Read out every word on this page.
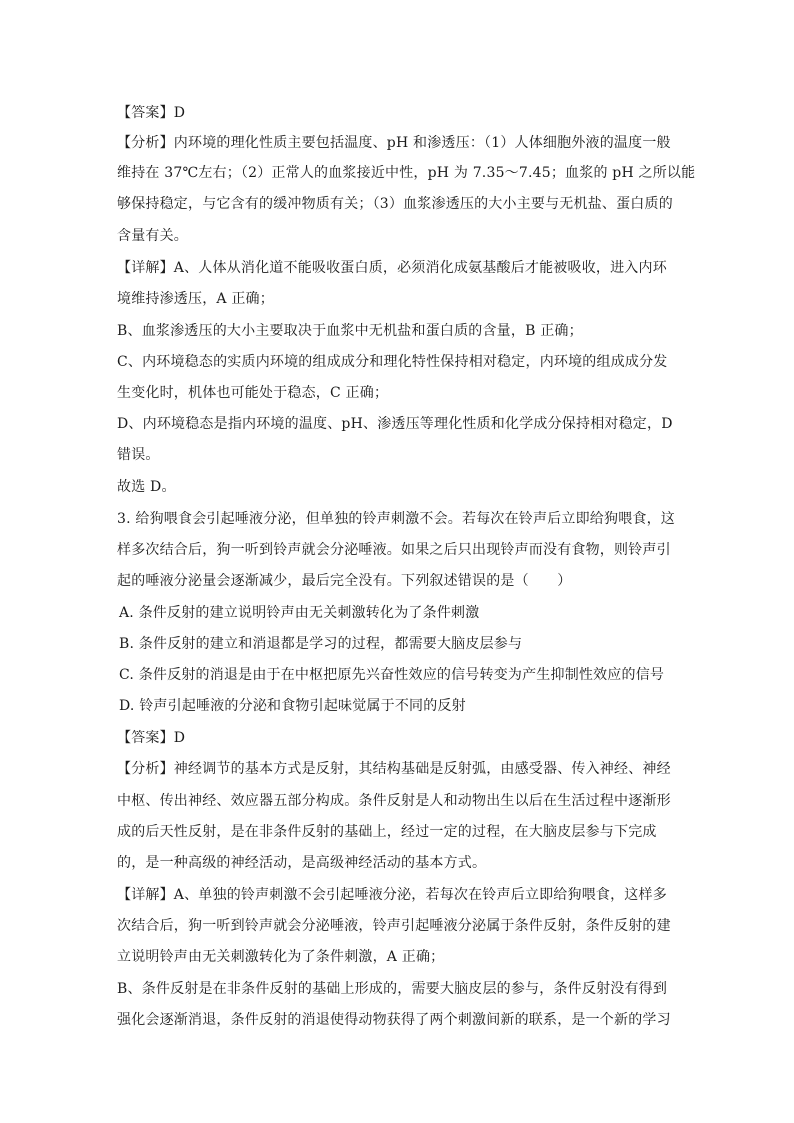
【答案】D
【分析】内环境的理化性质主要包括温度、pH 和渗透压：（1）人体细胞外液的温度一般
维持在 37℃左右；（2）正常人的血浆接近中性，pH 为 7.35～7.45；血浆的 pH 之所以能
够保持稳定，与它含有的缓冲物质有关；（3）血浆渗透压的大小主要与无机盐、蛋白质的
含量有关。
【详解】A、人体从消化道不能吸收蛋白质，必须消化成氨基酸后才能被吸收，进入内环
境维持渗透压，A 正确；
B、血浆渗透压的大小主要取决于血浆中无机盐和蛋白质的含量，B 正确；
C、内环境稳态的实质内环境的组成成分和理化特性保持相对稳定，内环境的组成成分发
生变化时，机体也可能处于稳态，C 正确；
D、内环境稳态是指内环境的温度、pH、渗透压等理化性质和化学成分保持相对稳定，D
错误。
故选 D。
3. 给狗喂食会引起唾液分泌，但单独的铃声刺激不会。若每次在铃声后立即给狗喂食，这
样多次结合后，狗一听到铃声就会分泌唾液。如果之后只出现铃声而没有食物，则铃声引
起的唾液分泌量会逐渐减少，最后完全没有。下列叙述错误的是（　　）
A. 条件反射的建立说明铃声由无关刺激转化为了条件刺激
B. 条件反射的建立和消退都是学习的过程，都需要大脑皮层参与
C. 条件反射的消退是由于在中枢把原先兴奋性效应的信号转变为产生抑制性效应的信号
D. 铃声引起唾液的分泌和食物引起味觉属于不同的反射
【答案】D
【分析】神经调节的基本方式是反射，其结构基础是反射弧，由感受器、传入神经、神经
中枢、传出神经、效应器五部分构成。条件反射是人和动物出生以后在生活过程中逐渐形
成的后天性反射，是在非条件反射的基础上，经过一定的过程，在大脑皮层参与下完成
的，是一种高级的神经活动，是高级神经活动的基本方式。
【详解】A、单独的铃声刺激不会引起唾液分泌，若每次在铃声后立即给狗喂食，这样多
次结合后，狗一听到铃声就会分泌唾液，铃声引起唾液分泌属于条件反射，条件反射的建
立说明铃声由无关刺激转化为了条件刺激，A 正确；
B、条件反射是在非条件反射的基础上形成的，需要大脑皮层的参与，条件反射没有得到
强化会逐渐消退，条件反射的消退使得动物获得了两个刺激间新的联系，是一个新的学习
